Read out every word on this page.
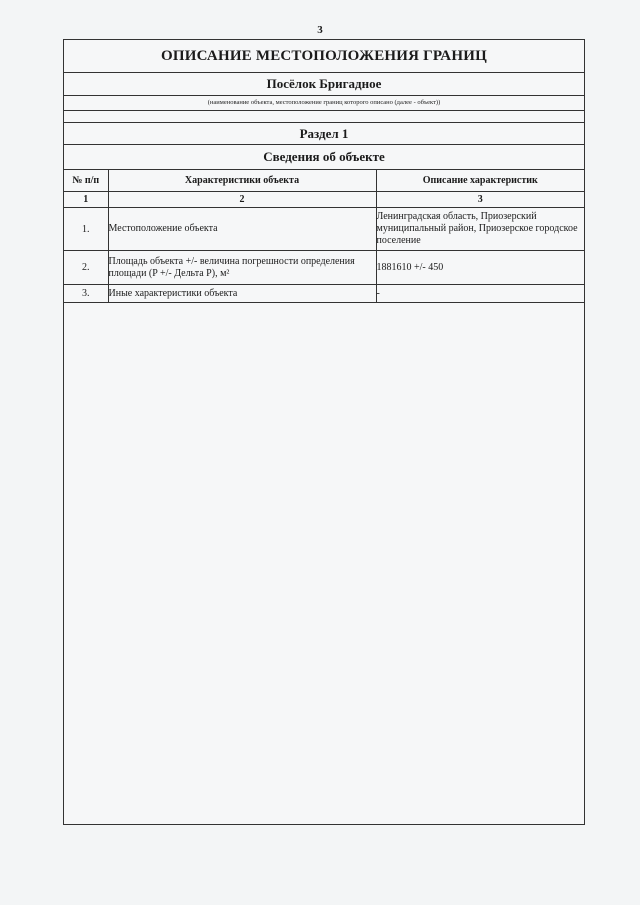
3
ОПИСАНИЕ МЕСТОПОЛОЖЕНИЯ ГРАНИЦ
Посёлок Бригадное
(наименование объекта, местоположение границ которого описано (далее - объект))
Раздел 1
Сведения об объекте
№ п/п	Характеристики объекта	Описание характеристик
1	2	3
1.	Местоположение объекта	Ленинградская область, Приозерский муниципальный район, Приозерское городское поселение
2.	Площадь объекта +/- величина погрешности определения площади (P +/- Дельта P), м²	1881610 +/- 450
3.	Иные характеристики объекта	-
